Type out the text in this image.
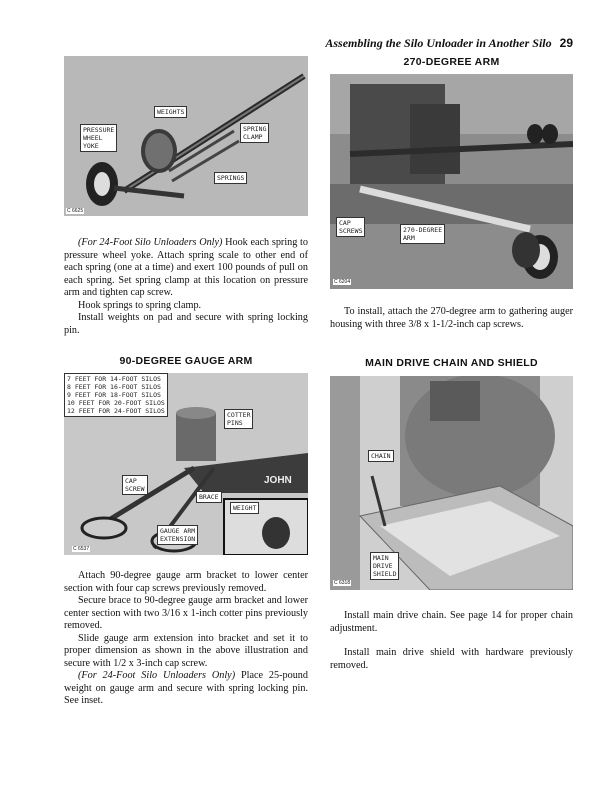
Assembling the Silo Unloader in Another Silo 29
C 6625
WEIGHTS
PRESSURE
WHEEL
YOKE
SPRING
CLAMP
SPRINGS

(For 24-Foot Silo Unloaders Only) Hook each spring to pressure wheel yoke. Attach spring scale to other end of each spring (one at a time) and exert 100 pounds of pull on each spring. Set spring clamp at this location on pressure arm and tighten cap screw.

Hook springs to spring clamp.

Install weights on pad and secure with spring locking pin.

90-DEGREE GAUGE ARM
JOHN
7 FEET FOR 14-FOOT SILOS
8 FEET FOR 16-FOOT SILOS
9 FEET FOR 18-FOOT SILOS
10 FEET FOR 20-FOOT SILOS
12 FEET FOR 24-FOOT SILOS
C 6537
COTTER
PINS
CAP
SCREW
BRACE
WEIGHT
GAUGE ARM
EXTENSION

Attach 90-degree gauge arm bracket to lower center section with four cap screws previously removed.

Secure brace to 90-degree gauge arm bracket and lower center section with two 3/16 x 1-inch cotter pins previously removed.

Slide gauge arm extension into bracket and set it to proper dimension as shown in the above illustration and secure with 1/2 x 3-inch cap screw.

(For 24-Foot Silo Unloaders Only) Place 25-pound weight on gauge arm and secure with spring locking pin. See inset.

270-DEGREE ARM
CAP
SCREWS	270-DEGREE
ARM
C 6204

To install, attach the 270-degree arm to gathering auger housing with three 3/8 x 1-1/2-inch cap screws.

MAIN DRIVE CHAIN AND SHIELD
CHAIN
MAIN
DRIVE
SHIELD
C 6318

Install main drive chain. See page 14 for proper chain adjustment.

Install main drive shield with hardware previously removed.
